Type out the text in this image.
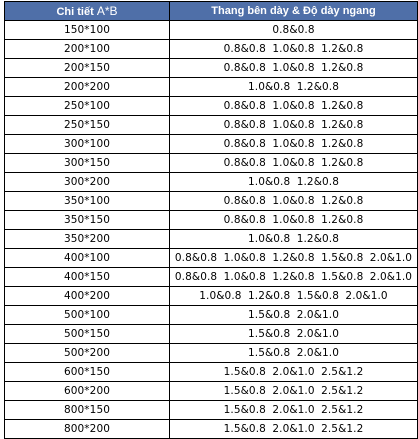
Chi tiết A*B	Thang bên dày & Độ dày ngang
150*100	0.8&0.8
200*100	0.8&0.8 1.0&0.8 1.2&0.8
200*150	0.8&0.8 1.0&0.8 1.2&0.8
200*200	1.0&0.8 1.2&0.8
250*100	0.8&0.8 1.0&0.8 1.2&0.8
250*150	0.8&0.8 1.0&0.8 1.2&0.8
300*100	0.8&0.8 1.0&0.8 1.2&0.8
300*150	0.8&0.8 1.0&0.8 1.2&0.8
300*200	1.0&0.8 1.2&0.8
350*100	0.8&0.8 1.0&0.8 1.2&0.8
350*150	0.8&0.8 1.0&0.8 1.2&0.8
350*200	1.0&0.8 1.2&0.8
400*100	0.8&0.8 1.0&0.8 1.2&0.8 1.5&0.8 2.0&1.0
400*150	0.8&0.8 1.0&0.8 1.2&0.8 1.5&0.8 2.0&1.0
400*200	1.0&0.8 1.2&0.8 1.5&0.8 2.0&1.0
500*100	1.5&0.8 2.0&1.0
500*150	1.5&0.8 2.0&1.0
500*200	1.5&0.8 2.0&1.0
600*150	1.5&0.8 2.0&1.0 2.5&1.2
600*200	1.5&0.8 2.0&1.0 2.5&1.2
800*150	1.5&0.8 2.0&1.0 2.5&1.2
800*200	1.5&0.8 2.0&1.0 2.5&1.2
